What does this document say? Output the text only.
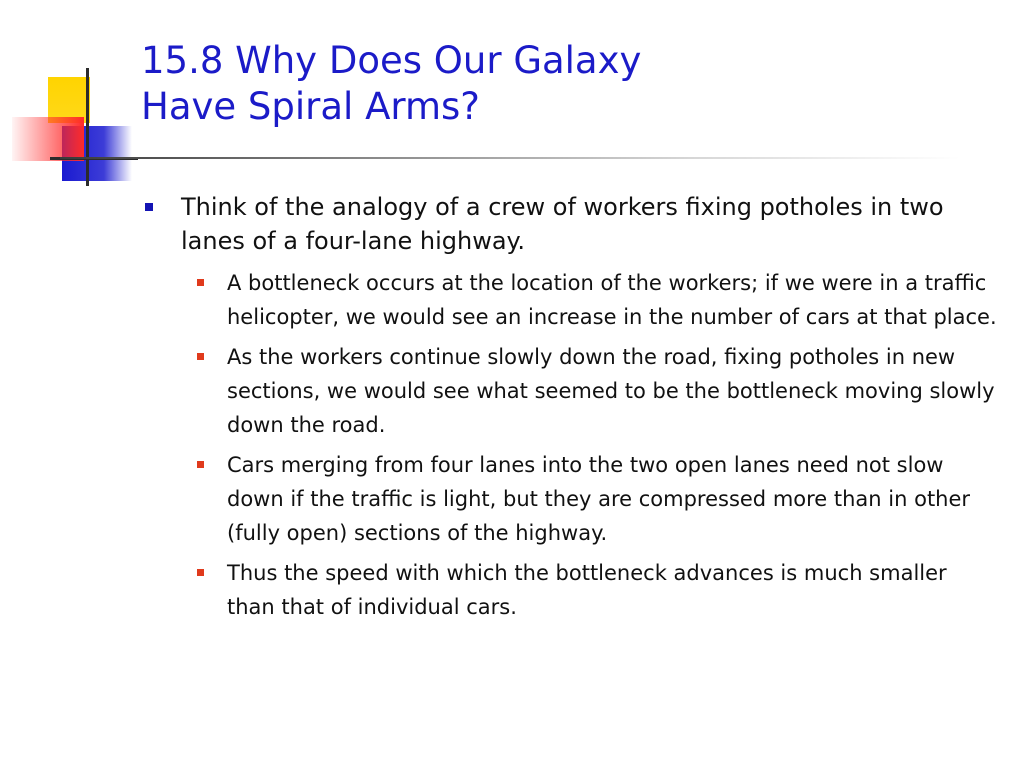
15.8 Why Does Our Galaxy
Have Spiral Arms?
Think of the analogy of a crew of workers fixing potholes in two lanes of a four-lane highway.
A bottleneck occurs at the location of the workers; if we were in a traffic helicopter, we would see an increase in the number of cars at that place.
As the workers continue slowly down the road, fixing potholes in new sections, we would see what seemed to be the bottleneck moving slowly down the road.
Cars merging from four lanes into the two open lanes need not slow down if the traffic is light, but they are compressed more than in other (fully open) sections of the highway.
Thus the speed with which the bottleneck advances is much smaller than that of individual cars.
